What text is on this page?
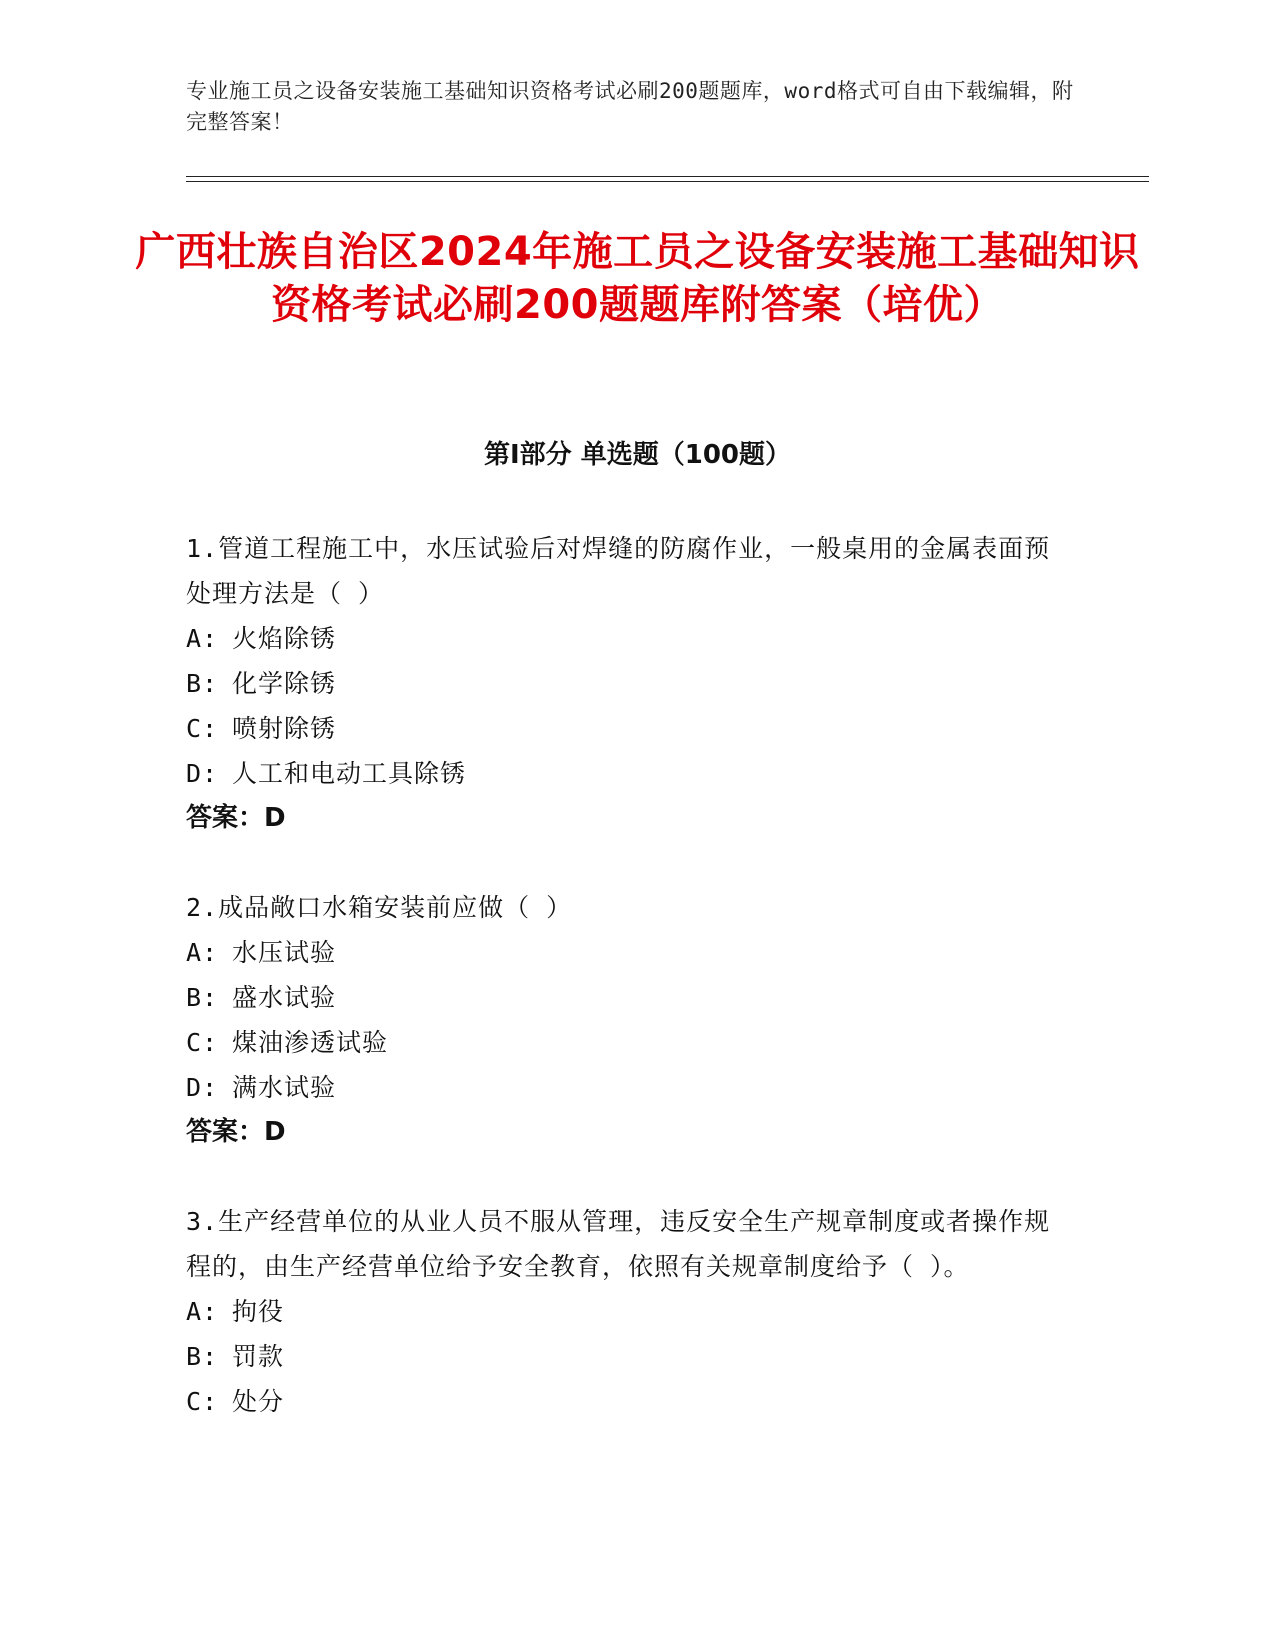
专业施工员之设备安装施工基础知识资格考试必刷200题题库，word格式可自由下载编辑，附完整答案！
广西壮族自治区2024年施工员之设备安装施工基础知识资格考试必刷200题题库附答案（培优）
第Ⅰ部分 单选题（100题）
1.管道工程施工中，水压试验后对焊缝的防腐作业，一般桌用的金属表面预处理方法是（ ）
A: 火焰除锈
B: 化学除锈
C: 喷射除锈
D: 人工和电动工具除锈
答案：D
2.成品敞口水箱安装前应做（ ）
A: 水压试验
B: 盛水试验
C: 煤油渗透试验
D: 满水试验
答案：D
3.生产经营单位的从业人员不服从管理，违反安全生产规章制度或者操作规程的，由生产经营单位给予安全教育，依照有关规章制度给予（ ）。
A: 拘役
B: 罚款
C: 处分
